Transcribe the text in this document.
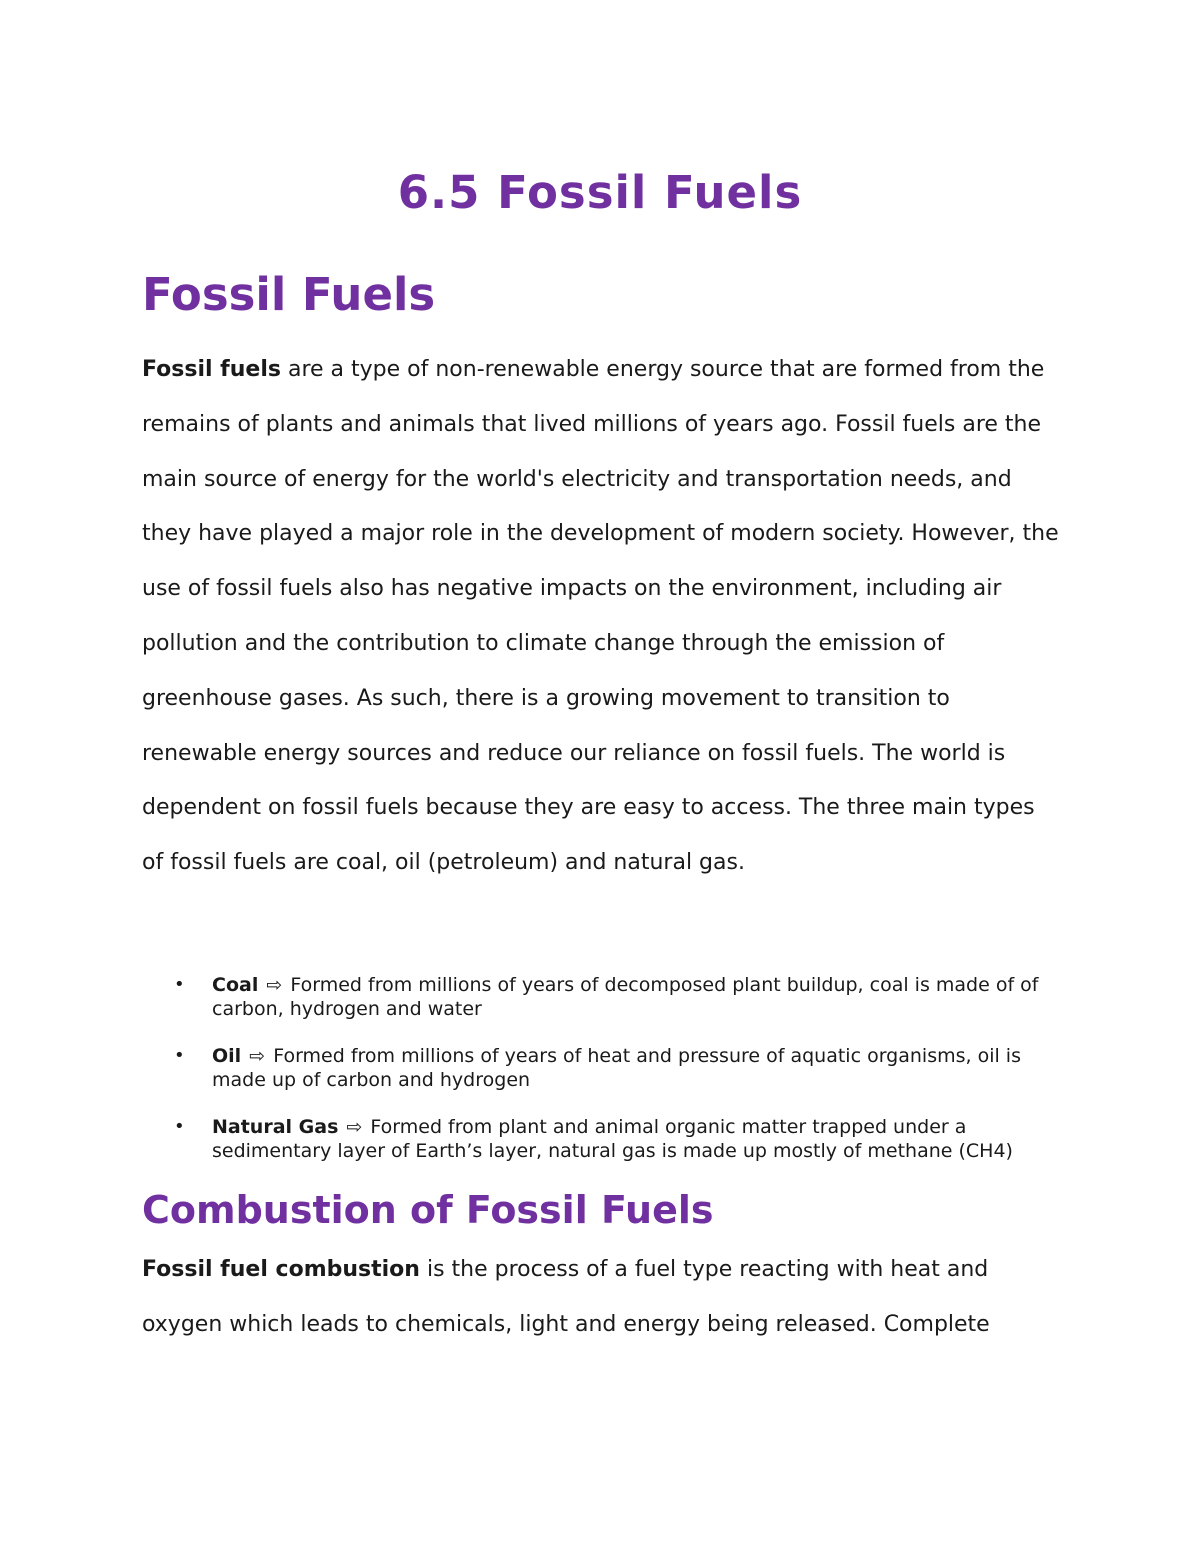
6.5 Fossil Fuels
Fossil Fuels

Fossil fuels are a type of non-renewable energy source that are formed from the remains of plants and animals that lived millions of years ago. Fossil fuels are the main source of energy for the world's electricity and transportation needs, and they have played a major role in the development of modern society. However, the use of fossil fuels also has negative impacts on the environment, including air pollution and the contribution to climate change through the emission of greenhouse gases. As such, there is a growing movement to transition to renewable energy sources and reduce our reliance on fossil fuels. The world is dependent on fossil fuels because they are easy to access. The three main types of fossil fuels are coal, oil (petroleum) and natural gas.

• Coal ⇨ Formed from millions of years of decomposed plant buildup, coal is made of of carbon, hydrogen and water
• Oil ⇨ Formed from millions of years of heat and pressure of aquatic organisms, oil is made up of carbon and hydrogen
• Natural Gas ⇨ Formed from plant and animal organic matter trapped under a sedimentary layer of Earth’s layer, natural gas is made up mostly of methane (CH4)
Combustion of Fossil Fuels

Fossil fuel combustion is the process of a fuel type reacting with heat and oxygen which leads to chemicals, light and energy being released. Complete
